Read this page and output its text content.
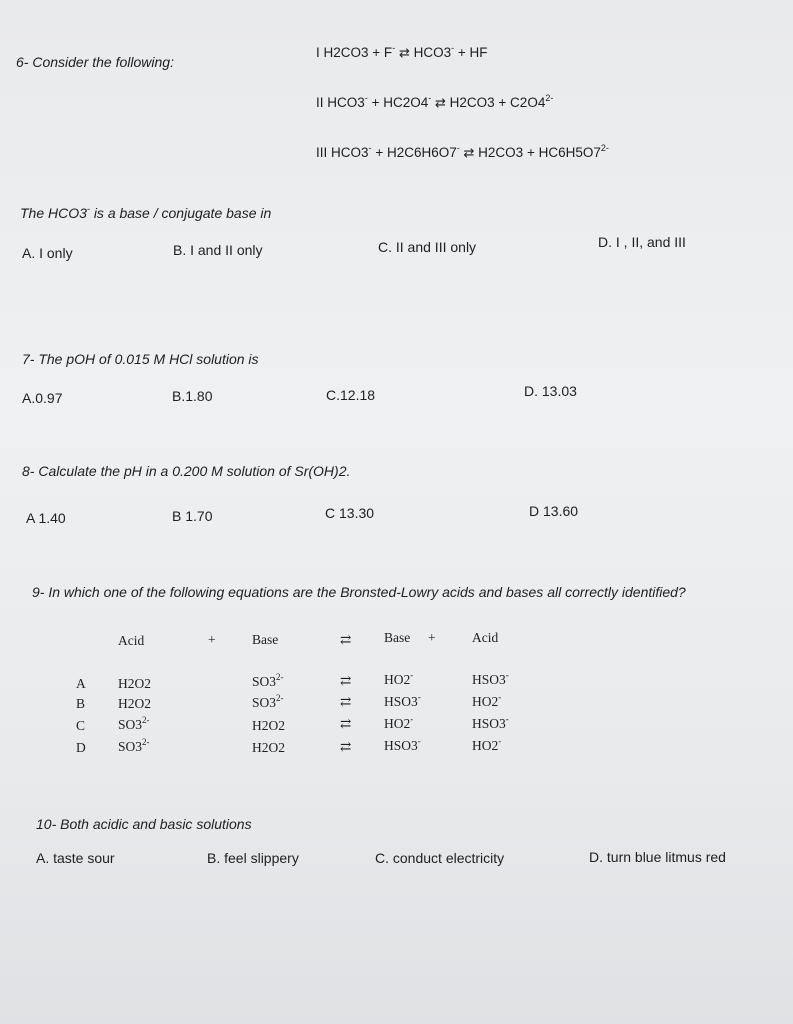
6- Consider the following:
I H2CO3 + F- ⇄ HCO3- + HF
II HCO3- + HC2O4- ⇄ $H2CO3 + C2O4^{2-}$
III HCO3- + H2C6H6O7- ⇄ $H2CO3 + HC6H5O7^{2-}$
The HCO3- is a base / conjugate base in
A. I only	B. I and II only	C. II and III only	D. I , II, and III
7- The pOH of 0.015 M HCl solution is
A.0.97	B.1.80	C.12.18	D. 13.03
8- Calculate the pH in a 0.200 M solution of Sr(OH)2.
A 1.40	B 1.70	C 13.30	D 13.60
9- In which one of the following equations are the Bronsted-Lowry acids and bases all correctly identified?
Acid	+	Base	⇄ Base +	Acid
A H2O2	$SO3^{2-}$	⇄ HO2-	HSO3-
B H2O2	$SO3^{2-}$	⇄ HSO3-	HO2-
C $SO3^{2-}$	H2O2	⇄ HO2-	HSO3-
D $SO3^{2-}$	H2O2	⇄ HSO3-	HO2-
10- Both acidic and basic solutions
A. taste sour	B. feel slippery	C. conduct electricity	D. turn blue litmus red
